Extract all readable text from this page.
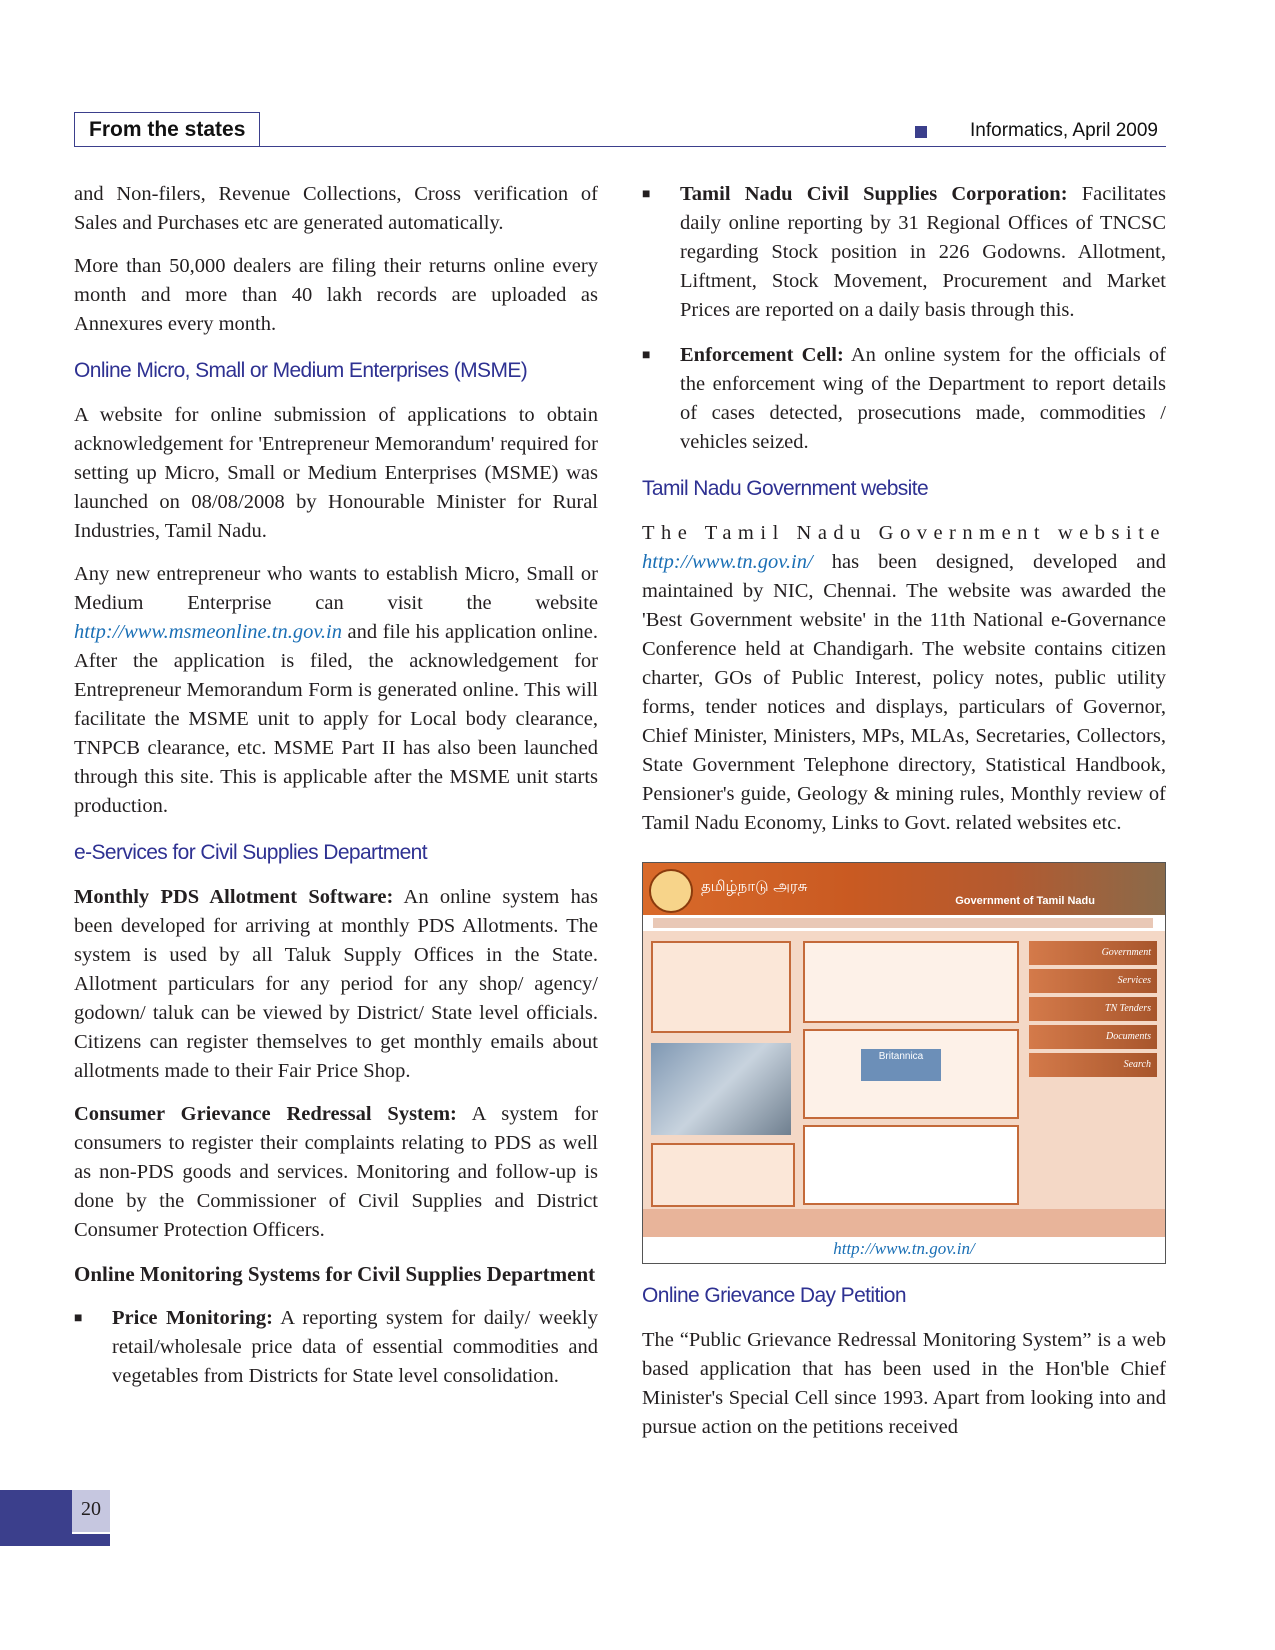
From the states	Informatics, April 2009

and Non-filers, Revenue Collections, Cross verification of Sales and Purchases etc are generated automatically.

More than 50,000 dealers are filing their returns online every month and more than 40 lakh records are uploaded as Annexures every month.

Online Micro, Small or Medium Enterprises (MSME)

A website for online submission of applications to obtain acknowledgement for 'Entrepreneur Memorandum' required for setting up Micro, Small or Medium Enterprises (MSME) was launched on 08/08/2008 by Honourable Minister for Rural Industries, Tamil Nadu.

Any new entrepreneur who wants to establish Micro, Small or Medium Enterprise can visit the website http://www.msmeonline.tn.gov.in and file his application online. After the application is filed, the acknowledgement for Entrepreneur Memorandum Form is generated online. This will facilitate the MSME unit to apply for Local body clearance, TNPCB clearance, etc. MSME Part II has also been launched through this site. This is applicable after the MSME unit starts production.

e-Services for Civil Supplies Department

Monthly PDS Allotment Software: An online system has been developed for arriving at monthly PDS Allotments. The system is used by all Taluk Supply Offices in the State. Allotment particulars for any period for any shop/ agency/ godown/ taluk can be viewed by District/ State level officials. Citizens can register themselves to get monthly emails about allotments made to their Fair Price Shop.

Consumer Grievance Redressal System: A system for consumers to register their complaints relating to PDS as well as non-PDS goods and services. Monitoring and follow-up is done by the Commissioner of Civil Supplies and District Consumer Protection Officers.

Online Monitoring Systems for Civil Supplies Department
■ Price Monitoring: A reporting system for daily/ weekly retail/wholesale price data of essential commodities and vegetables from Districts for State level consolidation.
■ Tamil Nadu Civil Supplies Corporation: Facilitates daily online reporting by 31 Regional Offices of TNCSC regarding Stock position in 226 Godowns. Allotment, Liftment, Stock Movement, Procurement and Market Prices are reported on a daily basis through this.
■ Enforcement Cell: An online system for the officials of the enforcement wing of the Department to report details of cases detected, prosecutions made, commodities / vehicles seized.
Tamil Nadu Government website

The Tamil Nadu Government website http://www.tn.gov.in/ has been designed, developed and maintained by NIC, Chennai. The website was awarded the 'Best Government website' in the 11th National e-Governance Conference held at Chandigarh. The website contains citizen charter, GOs of Public Interest, policy notes, public utility forms, tender notices and displays, particulars of Governor, Chief Minister, Ministers, MPs, MLAs, Secretaries, Collectors, State Government Telephone directory, Statistical Handbook, Pensioner's guide, Geology & mining rules, Monthly review of Tamil Nadu Economy, Links to Govt. related websites etc.

தமிழ்நாடு அரசு
Government of Tamil Nadu
Britannica
Government
Services
TN Tenders
Documents
Search
http://www.tn.gov.in/
Online Grievance Day Petition

The “Public Grievance Redressal Monitoring System” is a web based application that has been used in the Hon'ble Chief Minister's Special Cell since 1993. Apart from looking into and pursue action on the petitions received

20
